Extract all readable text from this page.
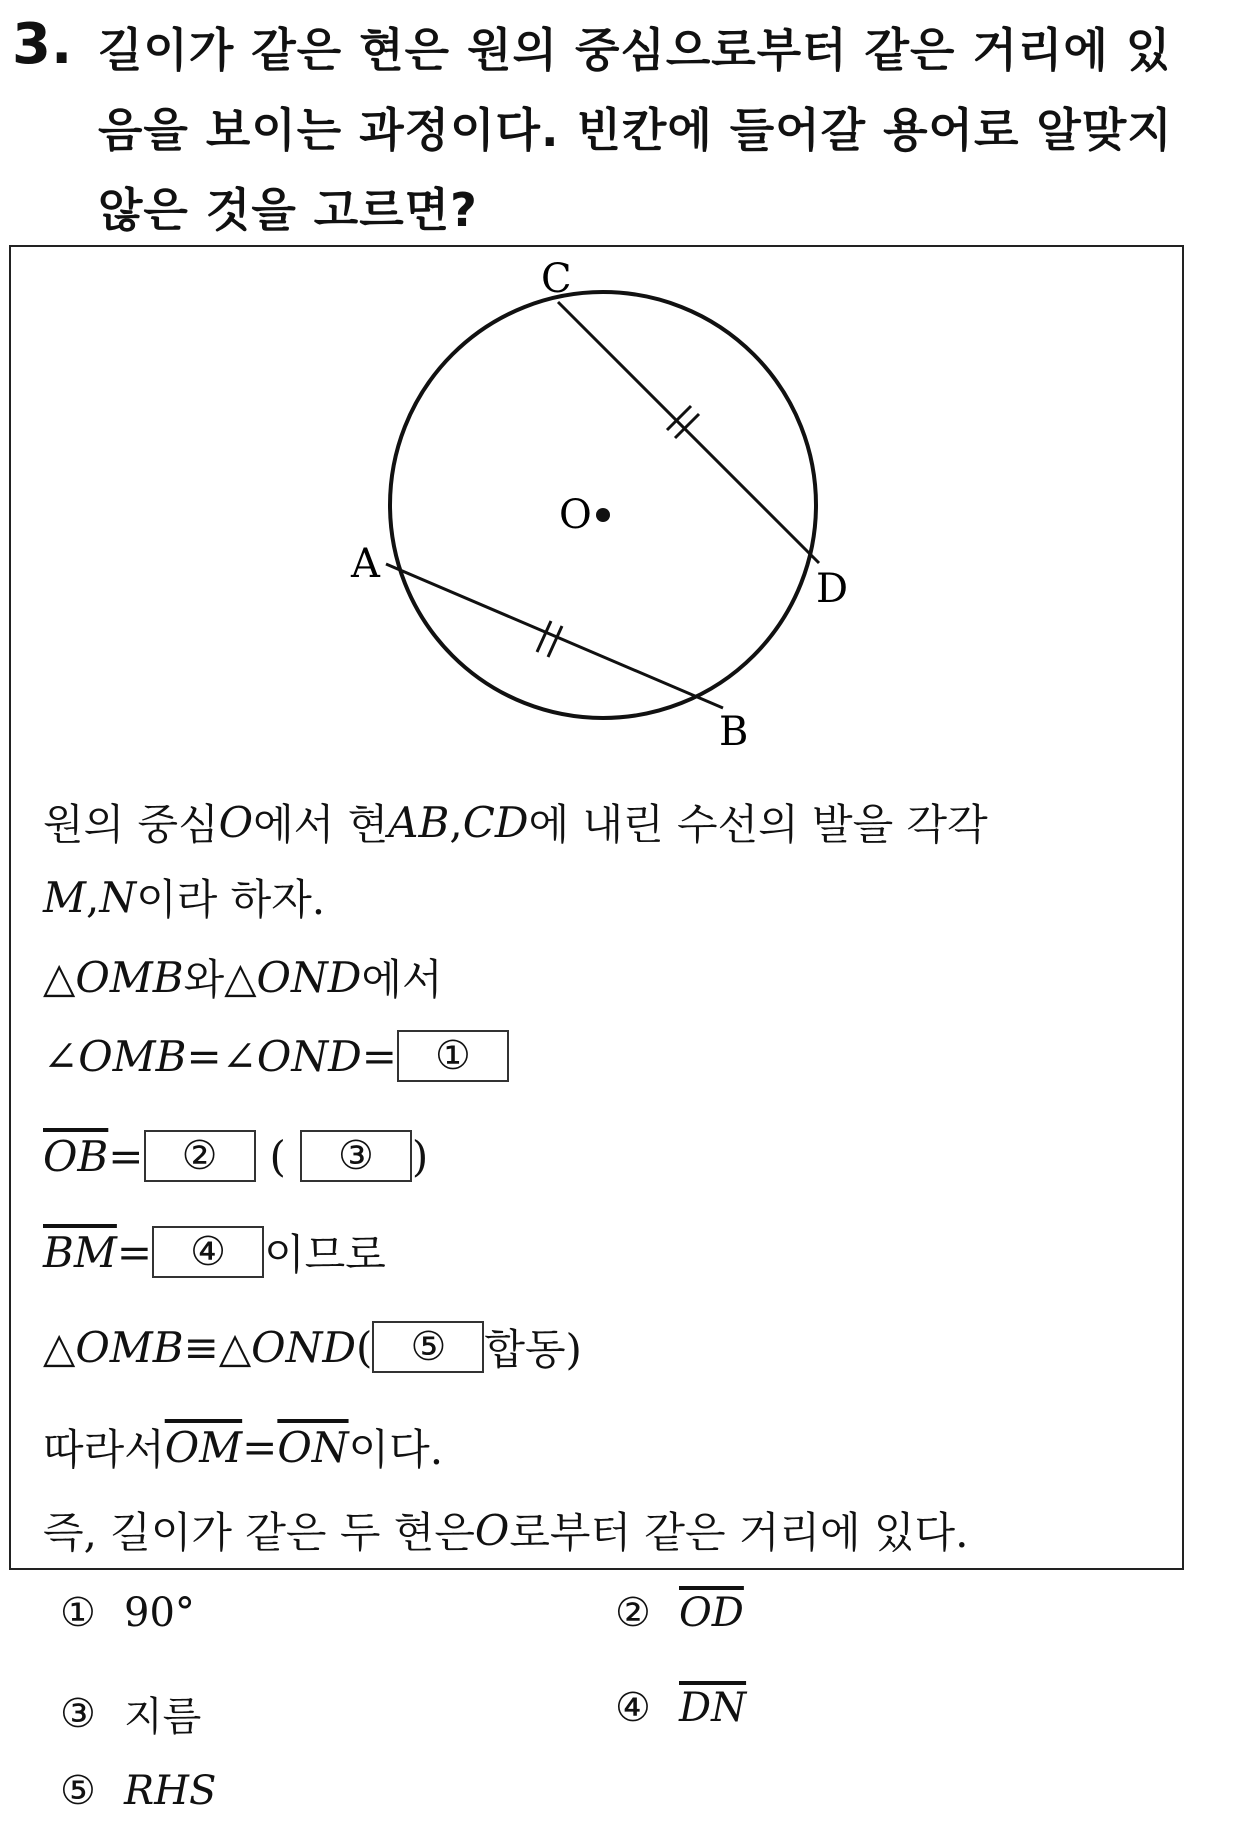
3. 길이가 같은 현은 원의 중심으로부터 같은 거리에 있음을 보이는 과정이다. 빈칸에 들어갈 용어로 알맞지 않은 것을 고르면?
C
D
A
B
O
원의 중심 O 에서 현 AB , CD 에 내린 수선의 발을 각각
M , N 이라 하자.
△ OMB 와 △ OND 에서
∠ OMB = ∠ OND = ①
$\overline{OB}$ = ②	(	③ )
$\overline{BM}$ = ④ 이므로
△ OMB ≡ △ OND ( ⑤ 합동)
따라서 $\overline{OM} = \overline{ON}$ 이다.
즉, 길이가 같은 두 현은 O 로부터 같은 거리에 있다.
① 90°	② $\overline{OD}$
③ 지름	④ $\overline{DN}$
⑤ RHS
